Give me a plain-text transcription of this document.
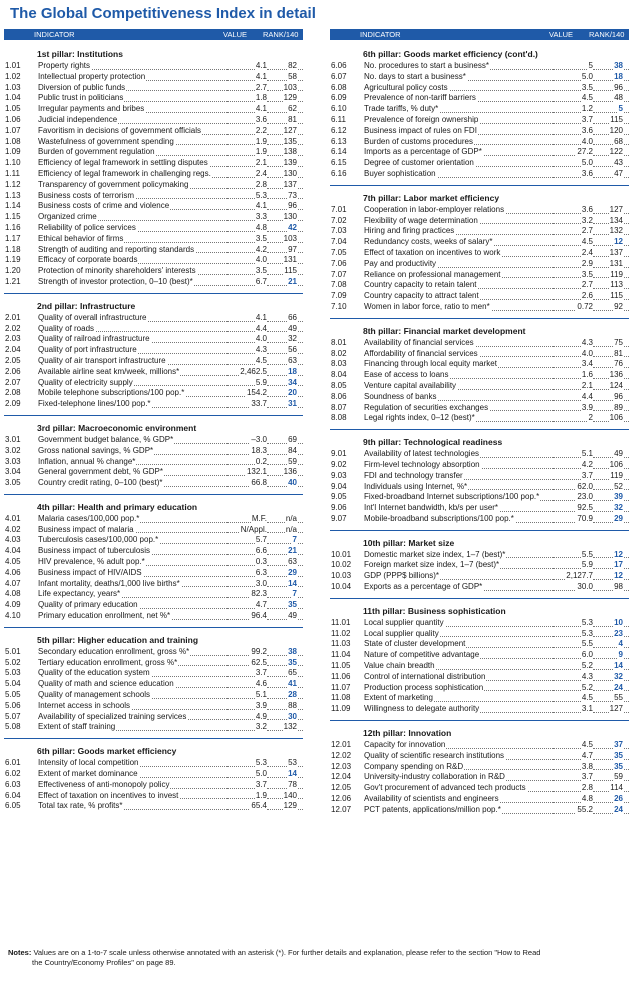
The Global Competitiveness Index in detail
INDICATOR	VALUE	RANK/140
1st pillar: Institutions
1.01	Property rights	4.1	82
1.02	Intellectual property protection	4.1	58
1.03	Diversion of public funds	2.7	103
1.04	Public trust in politicians	1.8	129
1.05	Irregular payments and bribes	4.1	62
1.06	Judicial independence	3.6	81
1.07	Favoritism in decisions of government officials	2.2	127
1.08	Wastefulness of government spending	1.9	135
1.09	Burden of government regulation	1.9	138
1.10	Efficiency of legal framework in settling disputes	2.1	139
1.11	Efficiency of legal framework in challenging regs.	2.4	130
1.12	Transparency of government policymaking	2.8	137
1.13	Business costs of terrorism	5.3	73
1.14	Business costs of crime and violence	4.1	96
1.15	Organized crime	3.3	130
1.16	Reliability of police services	4.8	42
1.17	Ethical behavior of firms	3.5	103
1.18	Strength of auditing and reporting standards	4.2	97
1.19	Efficacy of corporate boards	4.0	131
1.20	Protection of minority shareholders' interests	3.5	115
1.21	Strength of investor protection, 0–10 (best)*	6.7	21
2nd pillar: Infrastructure
2.01	Quality of overall infrastructure	4.1	66
2.02	Quality of roads	4.4	49
2.03	Quality of railroad infrastructure	4.0	32
2.04	Quality of port infrastructure	4.3	56
2.05	Quality of air transport infrastructure	4.5	63
2.06	Available airline seat km/week, millions*	2,462.5	18
2.07	Quality of electricity supply	5.9	34
2.08	Mobile telephone subscriptions/100 pop.*	154.2	20
2.09	Fixed-telephone lines/100 pop.*	33.7	31
3rd pillar: Macroeconomic environment
3.01	Government budget balance, % GDP*	–3.0	69
3.02	Gross national savings, % GDP*	18.3	84
3.03	Inflation, annual % change*	0.2	59
3.04	General government debt, % GDP*	132.1	136
3.05	Country credit rating, 0–100 (best)*	66.8	40
4th pillar: Health and primary education
4.01	Malaria cases/100,000 pop.*	M.F.	n/a
4.02	Business impact of malaria	N/Appl.	n/a
4.03	Tuberculosis cases/100,000 pop.*	5.7	7
4.04	Business impact of tuberculosis	6.6	21
4.05	HIV prevalence, % adult pop.*	0.3	63
4.06	Business impact of HIV/AIDS	6.3	29
4.07	Infant mortality, deaths/1,000 live births*	3.0	14
4.08	Life expectancy, years*	82.3	7
4.09	Quality of primary education	4.7	35
4.10	Primary education enrollment, net %*	96.4	49
5th pillar: Higher education and training
5.01	Secondary education enrollment, gross %*	99.2	38
5.02	Tertiary education enrollment, gross %*	62.5	35
5.03	Quality of the education system	3.7	65
5.04	Quality of math and science education	4.6	41
5.05	Quality of management schools	5.1	28
5.06	Internet access in schools	3.9	88
5.07	Availability of specialized training services	4.9	30
5.08	Extent of staff training	3.2	132
6th pillar: Goods market efficiency
6.01	Intensity of local competition	5.3	53
6.02	Extent of market dominance	5.0	14
6.03	Effectiveness of anti-monopoly policy	3.7	78
6.04	Effect of taxation on incentives to invest	1.9	140
6.05	Total tax rate, % profits*	65.4	129
INDICATOR	VALUE	RANK/140
6th pillar: Goods market efficiency (cont'd.)
6.06	No. procedures to start a business*	5	38
6.07	No. days to start a business*	5.0	18
6.08	Agricultural policy costs	3.5	96
6.09	Prevalence of non-tariff barriers	4.5	48
6.10	Trade tariffs, % duty*	1.2	5
6.11	Prevalence of foreign ownership	3.7	115
6.12	Business impact of rules on FDI	3.6	120
6.13	Burden of customs procedures	4.0	68
6.14	Imports as a percentage of GDP*	27.2	122
6.15	Degree of customer orientation	5.0	43
6.16	Buyer sophistication	3.6	47
7th pillar: Labor market efficiency
7.01	Cooperation in labor-employer relations	3.6	127
7.02	Flexibility of wage determination	3.2	134
7.03	Hiring and firing practices	2.7	132
7.04	Redundancy costs, weeks of salary*	4.5	12
7.05	Effect of taxation on incentives to work	2.4	137
7.06	Pay and productivity	2.9	131
7.07	Reliance on professional management	3.5	119
7.08	Country capacity to retain talent	2.7	113
7.09	Country capacity to attract talent	2.6	115
7.10	Women in labor force, ratio to men*	0.72	92
8th pillar: Financial market development
8.01	Availability of financial services	4.3	75
8.02	Affordability of financial services	4.0	81
8.03	Financing through local equity market	3.4	76
8.04	Ease of access to loans	1.6	136
8.05	Venture capital availability	2.1	124
8.06	Soundness of banks	4.4	96
8.07	Regulation of securities exchanges	3.9	89
8.08	Legal rights index, 0–12 (best)*	2	106
9th pillar: Technological readiness
9.01	Availability of latest technologies	5.1	49
9.02	Firm-level technology absorption	4.2	106
9.03	FDI and technology transfer	3.7	119
9.04	Individuals using Internet, %*	62.0	52
9.05	Fixed-broadband Internet subscriptions/100 pop.*	23.0	39
9.06	Int'l Internet bandwidth, kb/s per user*	92.5	32
9.07	Mobile-broadband subscriptions/100 pop.*	70.9	29
10th pillar: Market size
10.01	Domestic market size index, 1–7 (best)*	5.5	12
10.02	Foreign market size index, 1–7 (best)*	5.9	17
10.03	GDP (PPP$ billions)*	2,127.7	12
10.04	Exports as a percentage of GDP*	30.0	98
11th pillar: Business sophistication
11.01	Local supplier quantity	5.3	10
11.02	Local supplier quality	5.3	23
11.03	State of cluster development	5.5	4
11.04	Nature of competitive advantage	6.0	9
11.05	Value chain breadth	5.2	14
11.06	Control of international distribution	4.3	32
11.07	Production process sophistication	5.2	24
11.08	Extent of marketing	4.5	55
11.09	Willingness to delegate authority	3.1	127
12th pillar: Innovation
12.01	Capacity for innovation	4.5	37
12.02	Quality of scientific research institutions	4.7	35
12.03	Company spending on R&D	3.8	35
12.04	University-industry collaboration in R&D	3.7	59
12.05	Gov't procurement of advanced tech products	2.8	114
12.06	Availability of scientists and engineers	4.8	26
12.07	PCT patents, applications/million pop.*	55.2	24
Notes: Values are on a 1-to-7 scale unless otherwise annotated with an asterisk (*). For further details and explanation, please refer to the section "How to Read
the Country/Economy Profiles" on page 89.
